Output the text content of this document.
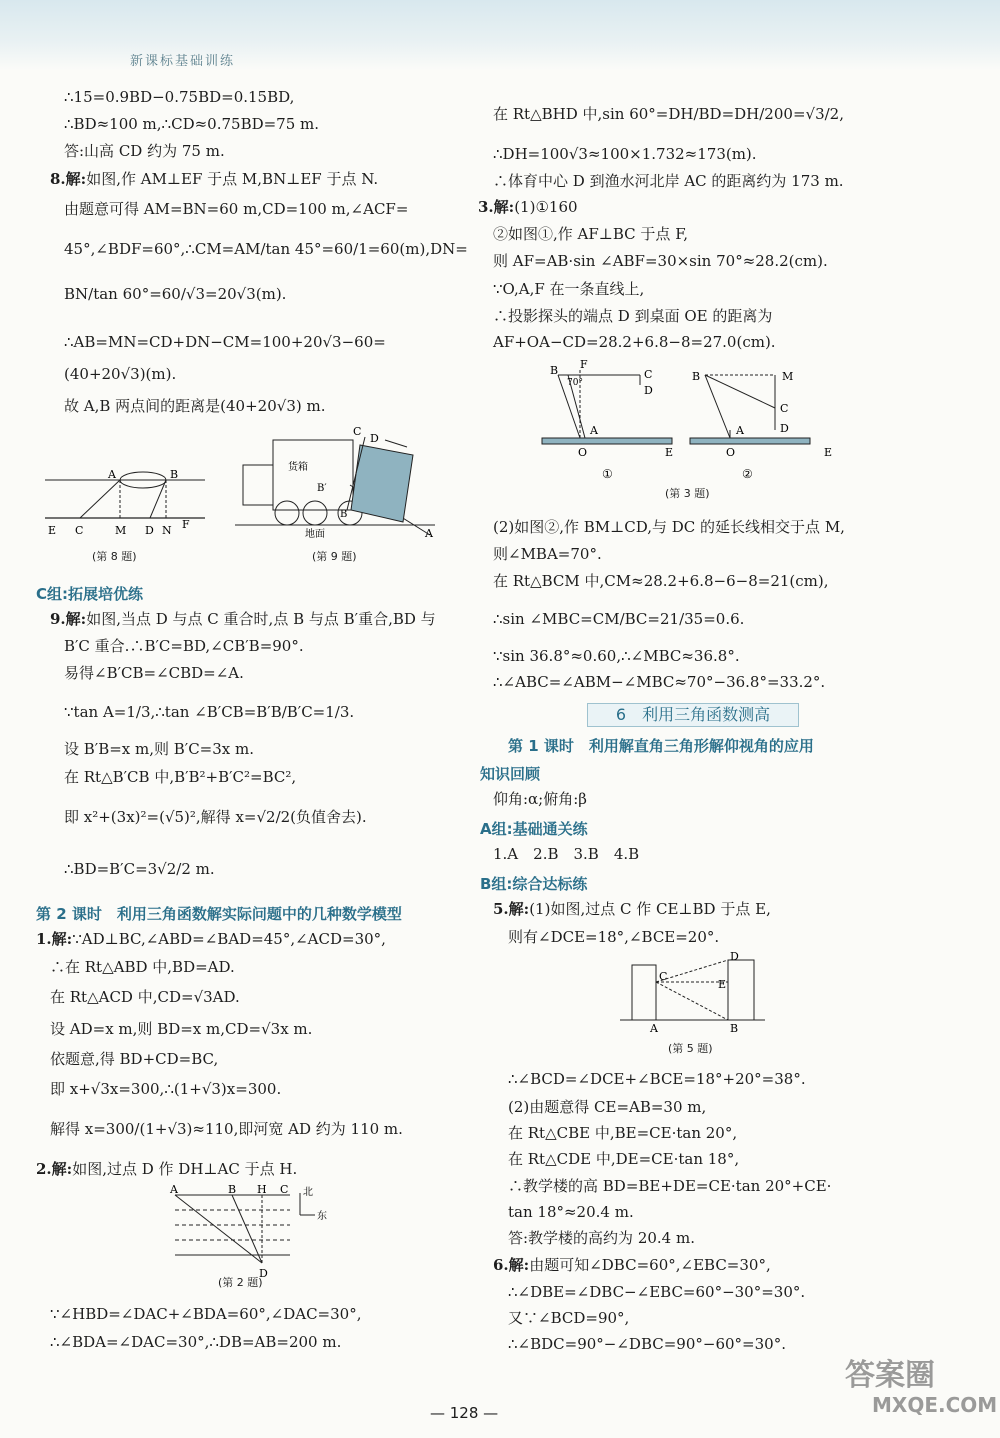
新课标基础训练
∴15=0.9BD−0.75BD=0.15BD,
∴BD≈100 m,∴CD≈0.75BD=75 m.
答:山高 CD 约为 75 m.
8.解:如图,作 AM⊥EF 于点 M,BN⊥EF 于点 N.
由题意可得 AM=BN=60 m,CD=100 m,∠ACF=
45°,∠BDF=60°,∴CM=AM/tan 45°=60/1=60(m),DN=
BN/tan 60°=60/√3=20√3(m).
∴AB=MN=CD+DN−CM=100+20√3−60=
(40+20√3)(m).
故 A,B 两点间的距离是(40+20√3) m.
A	B
E C	M D N F
(第 8 题)
C
D
B′
B
A
货箱
地面
(第 9 题)
C组:拓展培优练
9.解:如图,当点 D 与点 C 重合时,点 B 与点 B′重合,BD 与
B′C 重合.∴B′C=BD,∠CB′B=90°.
易得∠B′CB=∠CBD=∠A.
∵tan A=1/3,∴tan ∠B′CB=B′B/B′C=1/3.
设 B′B=x m,则 B′C=3x m.
在 Rt△B′CB 中,B′B²+B′C²=BC²,
即 x²+(3x)²=(√5)²,解得 x=√2/2(负值舍去).
∴BD=B′C=3√2/2 m.
第 2 课时　利用三角函数解实际问题中的几种数学模型
1.解:∵AD⊥BC,∠ABD=∠BAD=45°,∠ACD=30°,
∴在 Rt△ABD 中,BD=AD.
在 Rt△ACD 中,CD=√3AD.
设 AD=x m,则 BD=x m,CD=√3x m.
依题意,得 BD+CD=BC,
即 x+√3x=300,∴(1+√3)x=300.
解得 x=300/(1+√3)≈110,即河宽 AD 约为 110 m.
2.解:如图,过点 D 作 DH⊥AC 于点 H.
A	B H C
D
北
东
(第 2 题)
∵∠HBD=∠DAC+∠BDA=60°,∠DAC=30°,
∴∠BDA=∠DAC=30°,∴DB=AB=200 m.
在 Rt△BHD 中,sin 60°=DH/BD=DH/200=√3/2,
∴DH=100√3≈100×1.732≈173(m).
∴体育中心 D 到渔水河北岸 AC 的距离约为 173 m.
3.解:(1)①160
②如图①,作 AF⊥BC 于点 F,
则 AF=AB·sin ∠ABF=30×sin 70°≈28.2(cm).
∵O,A,F 在一条直线上,
∴投影探头的端点 D 到桌面 OE 的距离为
AF+OA−CD=28.2+6.8−8=27.0(cm).
B F
C
D
A
O	E
70°	B	M
C
D
A
O	E
①	②
(第 3 题)
(2)如图②,作 BM⊥CD,与 DC 的延长线相交于点 M,
则∠MBA=70°.
在 Rt△BCM 中,CM≈28.2+6.8−6−8=21(cm),
∴sin ∠MBC=CM/BC=21/35=0.6.
∵sin 36.8°≈0.60,∴∠MBC≈36.8°.
∴∠ABC=∠ABM−∠MBC≈70°−36.8°=33.2°.
6　利用三角函数测高
第 1 课时　利用解直角三角形解仰视角的应用
知识回顾
仰角:α;俯角:β
A组:基础通关练
1.A　2.B　3.B　4.B
B组:综合达标练
5.解:(1)如图,过点 C 作 CE⊥BD 于点 E,
则有∠DCE=18°,∠BCE=20°.
C
E
D
A	B
(第 5 题)
∴∠BCD=∠DCE+∠BCE=18°+20°=38°.
(2)由题意得 CE=AB=30 m,
在 Rt△CBE 中,BE=CE·tan 20°,
在 Rt△CDE 中,DE=CE·tan 18°,
∴教学楼的高 BD=BE+DE=CE·tan 20°+CE·
tan 18°≈20.4 m.
答:教学楼的高约为 20.4 m.
6.解:由题可知∠DBC=60°,∠EBC=30°,
∴∠DBE=∠DBC−∠EBC=60°−30°=30°.
又∵∠BCD=90°,
∴∠BDC=90°−∠DBC=90°−60°=30°.
— 128 —
答案圈
MXQE.COM
